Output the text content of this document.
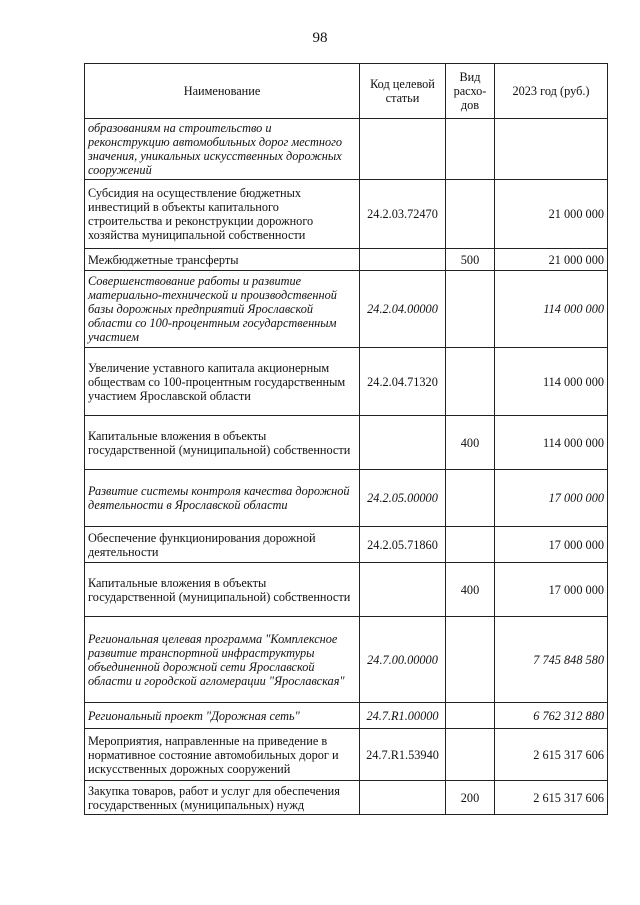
98
Наименование	Код целевой статьи	Вид расхо-дов	2023 год (руб.)
образованиям на строительство и реконструкцию автомобильных дорог местного значения, уникальных искусственных дорожных сооружений			
Субсидия на осуществление бюджетных инвестиций в объекты капитального строительства и реконструкции дорожного хозяйства муниципальной собственности	24.2.03.72470		21 000 000
Межбюджетные трансферты		500	21 000 000
Совершенствование работы и развитие материально-технической и производственной базы дорожных предприятий Ярославской области со 100-процентным государственным участием	24.2.04.00000		114 000 000
Увеличение уставного капитала акционерным обществам со 100-процентным государственным участием Ярославской области	24.2.04.71320		114 000 000
Капитальные вложения в объекты государственной (муниципальной) собственности		400	114 000 000
Развитие системы контроля качества дорожной деятельности в Ярославской области	24.2.05.00000		17 000 000
Обеспечение функционирования дорожной деятельности	24.2.05.71860		17 000 000
Капитальные вложения в объекты государственной (муниципальной) собственности		400	17 000 000
Региональная целевая программа "Комплексное развитие транспортной инфраструктуры объединенной дорожной сети Ярославской области и городской агломерации "Ярославская"	24.7.00.00000		7 745 848 580
Региональный проект "Дорожная сеть"	24.7.R1.00000		6 762 312 880
Мероприятия, направленные на приведение в нормативное состояние автомобильных дорог и искусственных дорожных сооружений	24.7.R1.53940		2 615 317 606
Закупка товаров, работ и услуг для обеспечения государственных (муниципальных) нужд		200	2 615 317 606
